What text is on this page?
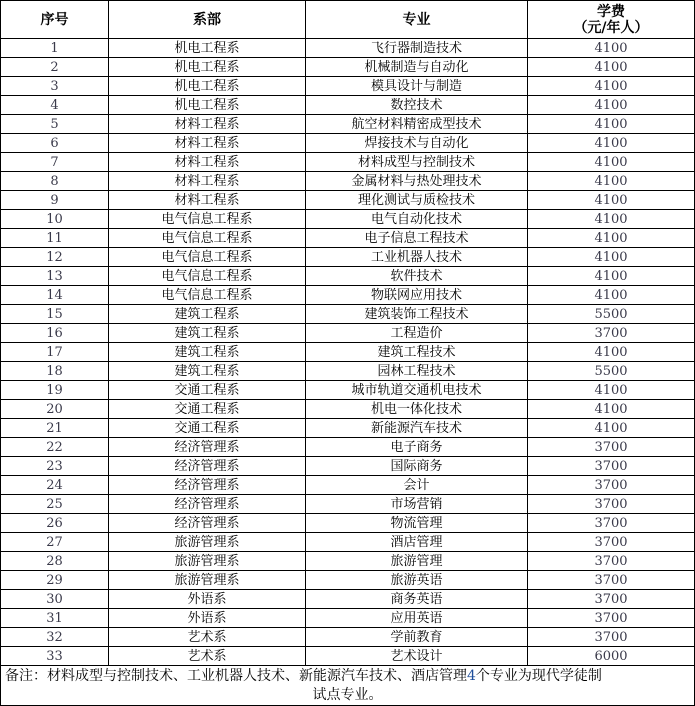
序号	系部	专业	学费
（元/年人）
1	机电工程系	飞行器制造技术	4100
2	机电工程系	机械制造与自动化	4100
3	机电工程系	模具设计与制造	4100
4	机电工程系	数控技术	4100
5	材料工程系	航空材料精密成型技术	4100
6	材料工程系	焊接技术与自动化	4100
7	材料工程系	材料成型与控制技术	4100
8	材料工程系	金属材料与热处理技术	4100
9	材料工程系	理化测试与质检技术	4100
10	电气信息工程系	电气自动化技术	4100
11	电气信息工程系	电子信息工程技术	4100
12	电气信息工程系	工业机器人技术	4100
13	电气信息工程系	软件技术	4100
14	电气信息工程系	物联网应用技术	4100
15	建筑工程系	建筑装饰工程技术	5500
16	建筑工程系	工程造价	3700
17	建筑工程系	建筑工程技术	4100
18	建筑工程系	园林工程技术	5500
19	交通工程系	城市轨道交通机电技术	4100
20	交通工程系	机电一体化技术	4100
21	交通工程系	新能源汽车技术	4100
22	经济管理系	电子商务	3700
23	经济管理系	国际商务	3700
24	经济管理系	会计	3700
25	经济管理系	市场营销	3700
26	经济管理系	物流管理	3700
27	旅游管理系	酒店管理	3700
28	旅游管理系	旅游管理	3700
29	旅游管理系	旅游英语	3700
30	外语系	商务英语	3700
31	外语系	应用英语	3700
32	艺术系	学前教育	3700
33	艺术系	艺术设计	6000
备注：材料成型与控制技术、工业机器人技术、新能源汽车技术、酒店管理4个专业为现代学徒制
试点专业。			
